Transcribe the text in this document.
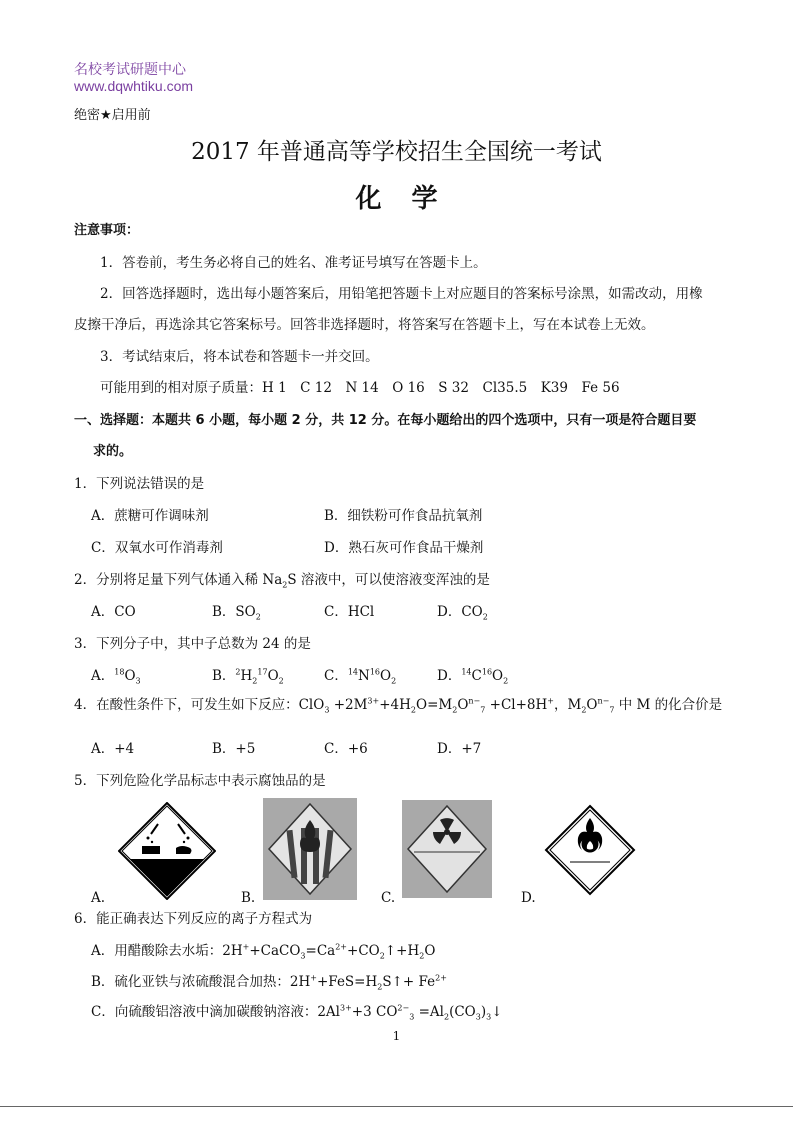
名校考试研题中心
www.dqwhtiku.com
绝密★启用前
2017 年普通高等学校招生全国统一考试
化学
注意事项：
1．答卷前，考生务必将自己的姓名、准考证号填写在答题卡上。
2．回答选择题时，选出每小题答案后，用铅笔把答题卡上对应题目的答案标号涂黑，如需改动，用橡
皮擦干净后，再选涂其它答案标号。回答非选择题时，将答案写在答题卡上，写在本试卷上无效。
3．考试结束后，将本试卷和答题卡一并交回。
可能用到的相对原子质量：H 1　C 12　N 14　O 16　S 32　Cl35.5　K39　Fe 56
一、选择题：本题共 6 小题，每小题 2 分，共 12 分。在每小题给出的四个选项中，只有一项是符合题目要
求的。
1．下列说法错误的是
A．蔗糖可作调味剂	B．细铁粉可作食品抗氧剂
C．双氧水可作消毒剂	D．熟石灰可作食品干燥剂
2．分别将足量下列气体通入稀 $Na_2S$ 溶液中，可以使溶液变浑浊的是
A．CO	B．$SO_2$	C．HCl	D．$CO_2$
3．下列分子中，其中子总数为 24 的是
A．$^{18}O_3$	B．$^2H_2^{17}O_2$	C．$^{14}N^{16}O_2$	D．$^{14}C^{16}O_2$
4．在酸性条件下，可发生如下反应：$ClO_3 +2M^{3+}+4H_2O=M_2O^{n-}_7 +Cl+8H^+$，$M_2O^{n-}_7$ 中 M 的化合价是
A．+4	B．+5	C．+6	D．+7
5．下列危险化学品标志中表示腐蚀品的是
A.	B.	C.	D.
6．能正确表达下列反应的离子方程式为
A．用醋酸除去水垢：$2H^++CaCO_3=Ca^{2+}+CO_2↑+H_2O$
B．硫化亚铁与浓硫酸混合加热：$2H^++FeS=H_2S↑+ Fe^{2+}$
C．向硫酸铝溶液中滴加碳酸钠溶液：$2Al^{3+}+3$ $CO^{2-}_3$ $=Al_2(CO_3)_3↓$
1
